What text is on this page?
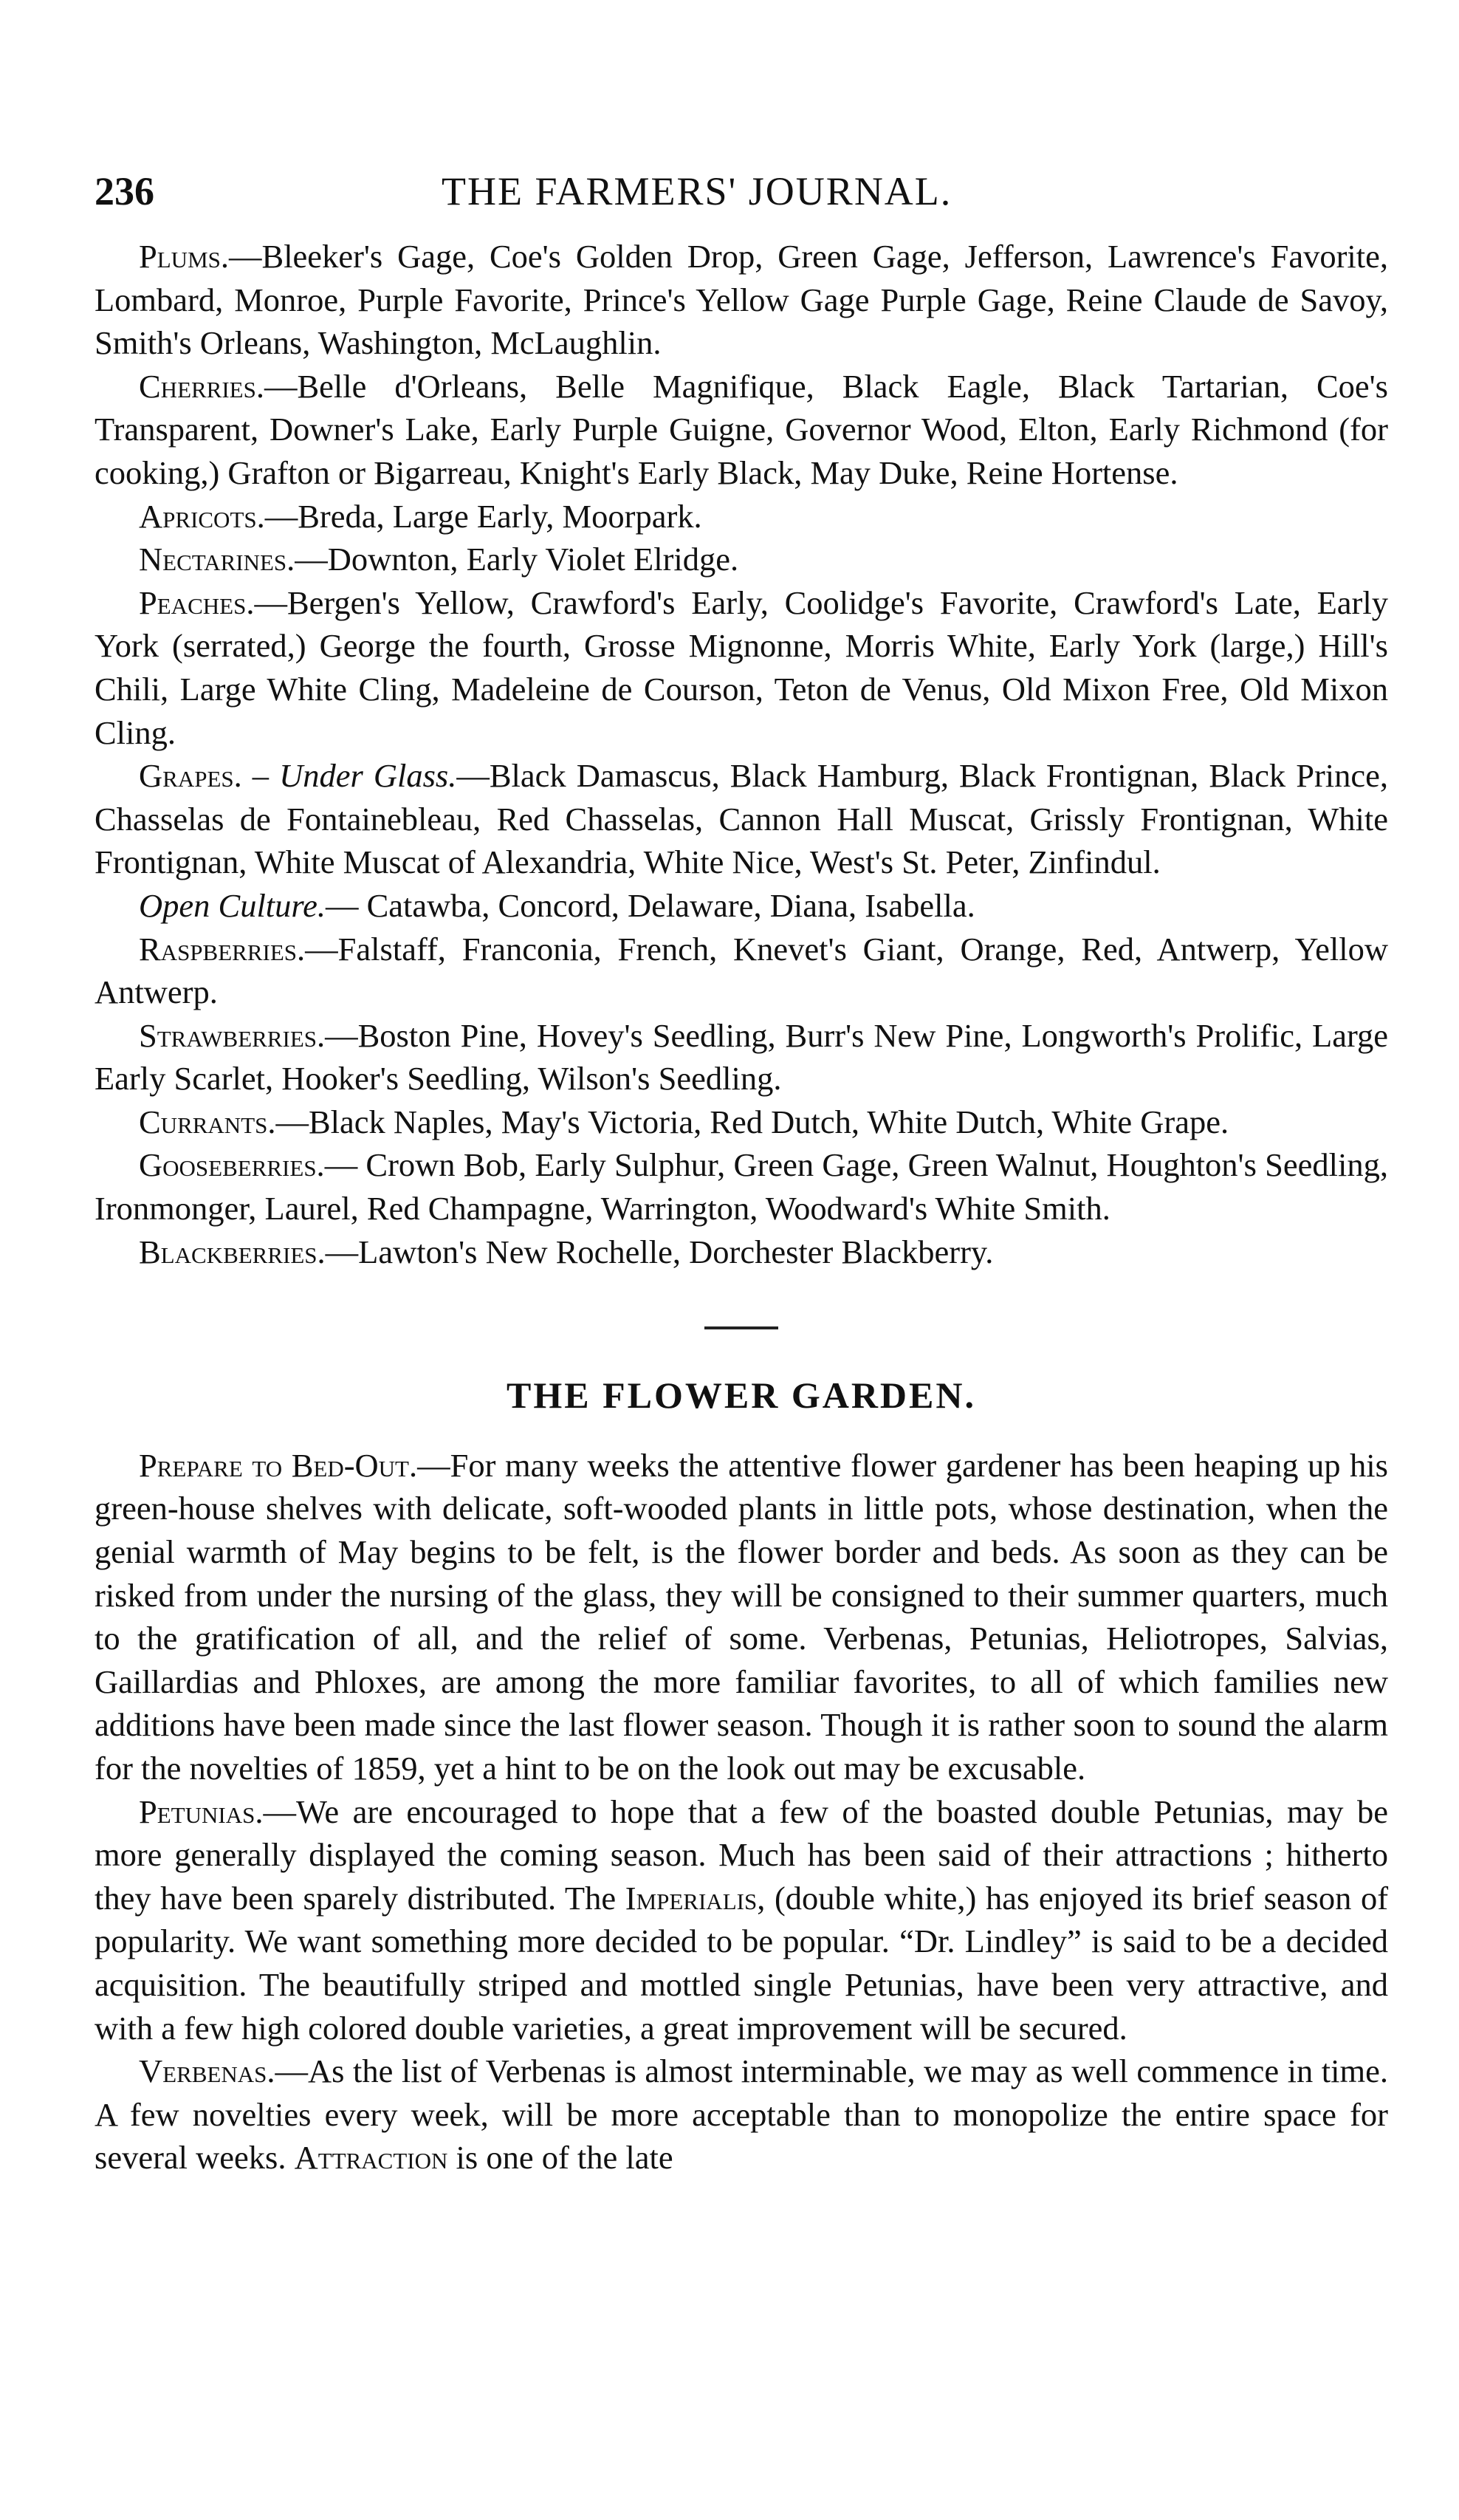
236	THE FARMERS' JOURNAL.

Plums.—Bleeker's Gage, Coe's Golden Drop, Green Gage, Jefferson, Lawrence's Favorite, Lombard, Monroe, Purple Favorite, Prince's Yellow Gage Purple Gage, Reine Claude de Savoy, Smith's Orleans, Washington, McLaughlin.

Cherries.—Belle d'Orleans, Belle Magnifique, Black Eagle, Black Tartarian, Coe's Transparent, Downer's Lake, Early Purple Guigne, Governor Wood, Elton, Early Richmond (for cooking,) Grafton or Bigarreau, Knight's Early Black, May Duke, Reine Hortense.

Apricots.—Breda, Large Early, Moorpark.

Nectarines.—Downton, Early Violet Elridge.

Peaches.—Bergen's Yellow, Crawford's Early, Coolidge's Favorite, Crawford's Late, Early York (serrated,) George the fourth, Grosse Mignonne, Morris White, Early York (large,) Hill's Chili, Large White Cling, Madeleine de Courson, Teton de Venus, Old Mixon Free, Old Mixon Cling.

Grapes. – Under Glass.—Black Damascus, Black Hamburg, Black Frontignan, Black Prince, Chasselas de Fontainebleau, Red Chasselas, Cannon Hall Muscat, Grissly Frontignan, White Frontignan, White Muscat of Alexandria, White Nice, West's St. Peter, Zinfindul.

Open Culture.— Catawba, Concord, Delaware, Diana, Isabella.

Raspberries.—Falstaff, Franconia, French, Knevet's Giant, Orange, Red, Antwerp, Yellow Antwerp.

Strawberries.—Boston Pine, Hovey's Seedling, Burr's New Pine, Longworth's Prolific, Large Early Scarlet, Hooker's Seedling, Wilson's Seedling.

Currants.—Black Naples, May's Victoria, Red Dutch, White Dutch, White Grape.

Gooseberries.— Crown Bob, Early Sulphur, Green Gage, Green Walnut, Houghton's Seedling, Ironmonger, Laurel, Red Champagne, Warrington, Woodward's White Smith.

Blackberries.—Lawton's New Rochelle, Dorchester Blackberry.

THE FLOWER GARDEN.

Prepare to Bed-Out.—For many weeks the attentive flower gardener has been heaping up his green-house shelves with delicate, soft-wooded plants in little pots, whose destination, when the genial warmth of May begins to be felt, is the flower border and beds. As soon as they can be risked from under the nursing of the glass, they will be consigned to their summer quarters, much to the gratification of all, and the relief of some. Verbenas, Petunias, Heliotropes, Salvias, Gaillardias and Phloxes, are among the more familiar favorites, to all of which families new additions have been made since the last flower season. Though it is rather soon to sound the alarm for the novelties of 1859, yet a hint to be on the look out may be excusable.

Petunias.—We are encouraged to hope that a few of the boasted double Petunias, may be more generally displayed the coming season. Much has been said of their attractions ; hitherto they have been sparely distributed. The Imperialis, (double white,) has enjoyed its brief season of popularity. We want something more decided to be popular. “Dr. Lindley” is said to be a decided acquisition. The beautifully striped and mottled single Petunias, have been very attractive, and with a few high colored double varieties, a great improvement will be secured.

Verbenas.—As the list of Verbenas is almost interminable, we may as well commence in time. A few novelties every week, will be more acceptable than to monopolize the entire space for several weeks. Attraction is one of the late
